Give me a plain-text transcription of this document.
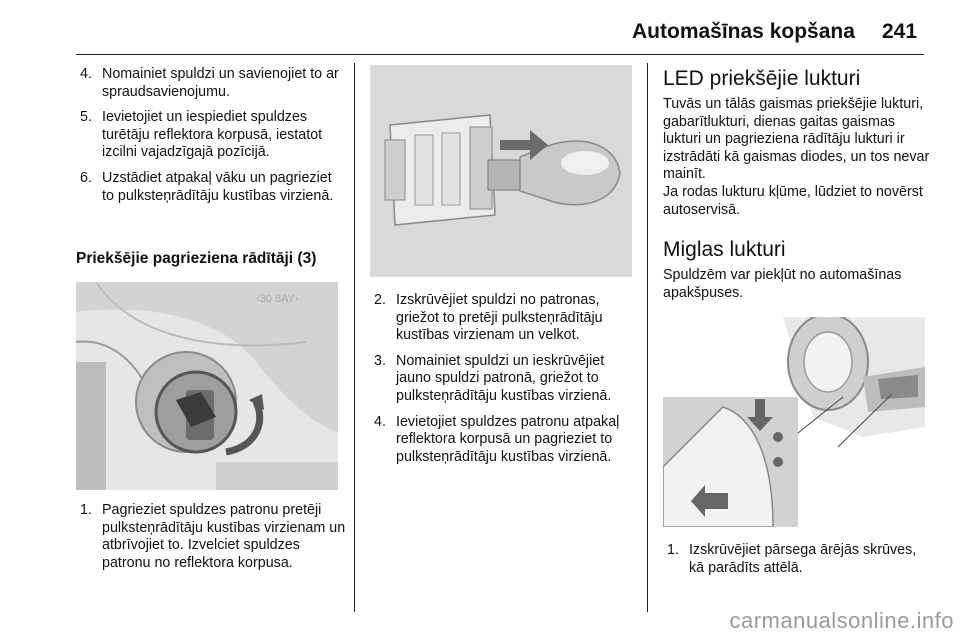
Automašīnas kopšana 241
4. Nomainiet spuldzi un savienojiet to ar spraudsavienojumu.
5. Ievietojiet un iespiediet spuldzes turētāju reflektora korpusā, iestatot izcilni vajadzīgajā pozīcijā.
6. Uzstādiet atpakaļ vāku un pagrieziet to pulksteņrādītāju kustības virzienā.
Priekšējie pagrieziena rādītāji (3)
‹30 8AY›
1. Pagrieziet spuldzes patronu pretēji pulksteņrādītāju kustības virzienam un atbrīvojiet to. Izvelciet spuldzes patronu no reflektora korpusa.
2. Izskrūvējiet spuldzi no patronas, griežot to pretēji pulksteņrādītāju kustības virzienam un velkot.
3. Nomainiet spuldzi un ieskrūvējiet jauno spuldzi patronā, griežot to pulksteņrādītāju kustības virzienā.
4. Ievietojiet spuldzes patronu atpakaļ reflektora korpusā un pagrieziet to pulksteņrādītāju kustības virzienā.
LED priekšējie lukturi

Tuvās un tālās gaismas priekšējie lukturi, gabarītlukturi, dienas gaitas gaismas lukturi un pagrieziena rādītāju lukturi ir izstrādāti kā gaismas diodes, un tos nevar mainīt.

Ja rodas lukturu kļūme, lūdziet to novērst autoservisā.

Miglas lukturi

Spuldzēm var piekļūt no automašīnas apakšpuses.

1. Izskrūvējiet pārsega ārējās skrūves, kā parādīts attēlā.
carmanualsonline.info
